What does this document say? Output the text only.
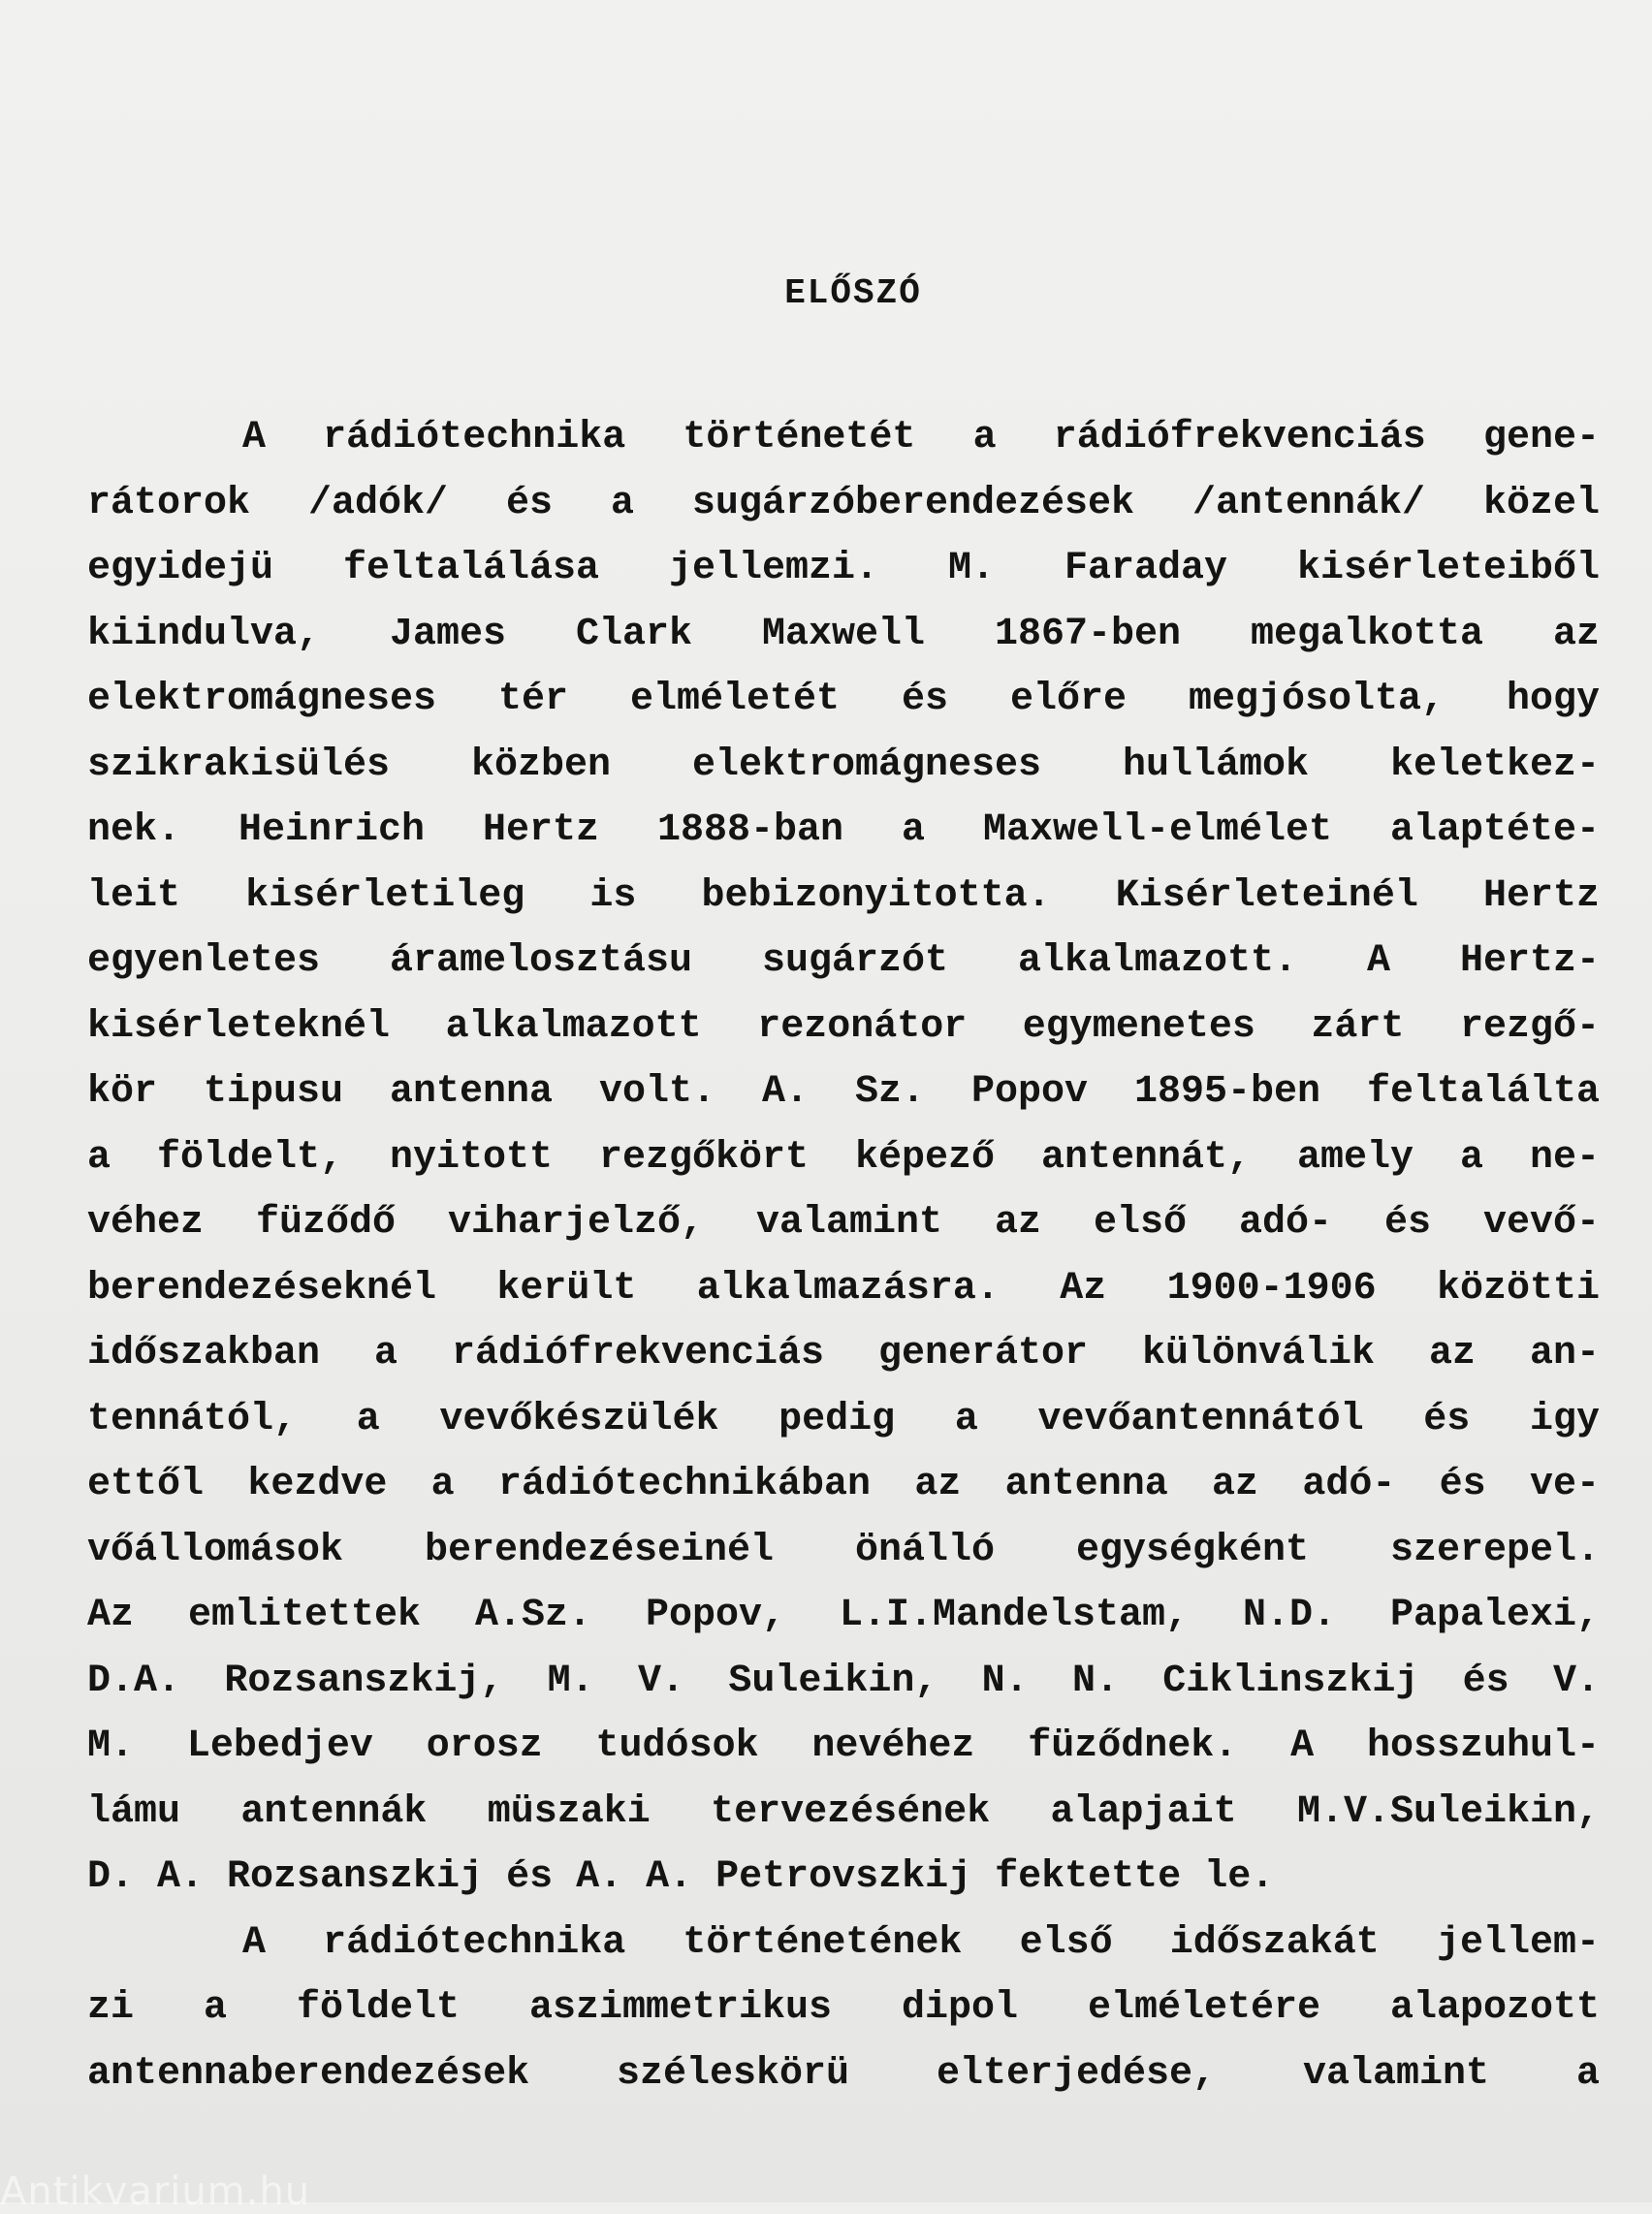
ELŐSZÓ
A rádiótechnika történetét a rádiófrekvenciás gene-
rátorok /adók/ és a sugárzóberendezések /antennák/ közel
egyidejü feltalálása jellemzi. M. Faraday kisérleteiből
kiindulva, James Clark Maxwell 1867-ben megalkotta az
elektromágneses tér elméletét és előre megjósolta, hogy
szikrakisülés közben elektromágneses hullámok keletkez-
nek. Heinrich Hertz 1888-ban a Maxwell-elmélet alaptéte-
leit kisérletileg is bebizonyitotta. Kisérleteinél Hertz
egyenletes áramelosztásu sugárzót alkalmazott. A Hertz-
kisérleteknél alkalmazott rezonátor egymenetes zárt rezgő-
kör tipusu antenna volt. A. Sz. Popov 1895-ben feltalálta
a földelt, nyitott rezgőkört képező antennát, amely a ne-
véhez füződő viharjelző, valamint az első adó- és vevő-
berendezéseknél került alkalmazásra. Az 1900-1906 közötti
időszakban a rádiófrekvenciás generátor különválik az an-
tennától, a vevőkészülék pedig a vevőantennától és igy
ettől kezdve a rádiótechnikában az antenna az adó- és ve-
vőállomások berendezéseinél önálló egységként szerepel.
Az emlitettek A.Sz. Popov, L.I.Mandelstam, N.D. Papalexi,
D.A. Rozsanszkij, M. V. Suleikin, N. N. Ciklinszkij és V.
M. Lebedjev orosz tudósok nevéhez füződnek. A hosszuhul-
lámu antennák müszaki tervezésének alapjait M.V.Suleikin,
D. A. Rozsanszkij és A. A. Petrovszkij fektette le.
A rádiótechnika történetének első időszakát jellem-
zi a földelt aszimmetrikus dipol elméletére alapozott
antennaberendezések széleskörü elterjedése, valamint a
Antikvarium.hu
